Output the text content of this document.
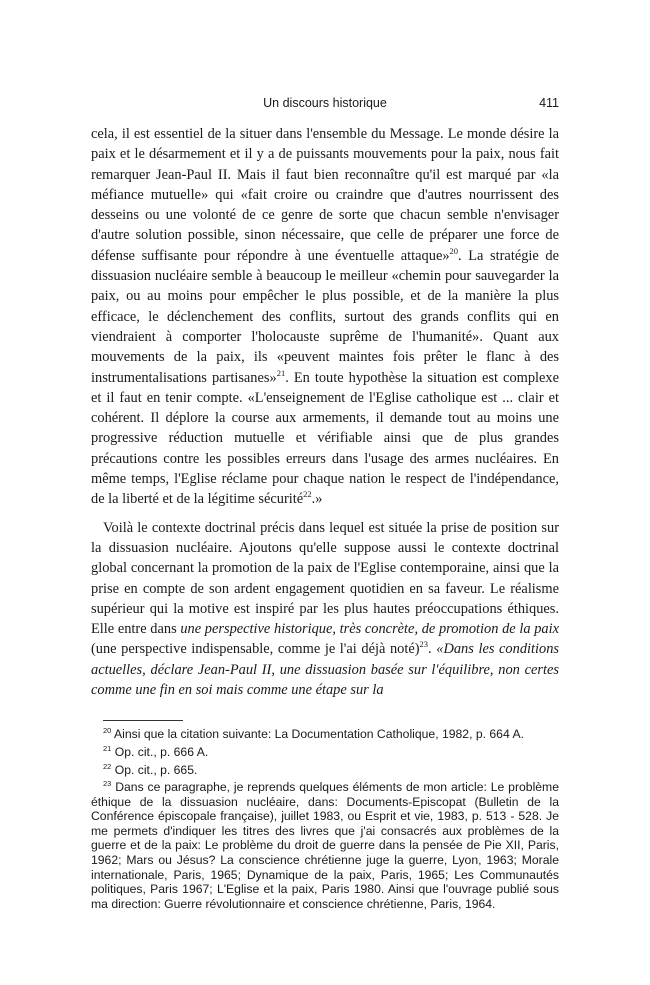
Un discours historique	411

cela, il est essentiel de la situer dans l'ensemble du Message. Le monde désire la paix et le désarmement et il y a de puissants mouvements pour la paix, nous fait remarquer Jean-Paul II. Mais il faut bien reconnaître qu'il est marqué par «la méfiance mutuelle» qui «fait croire ou craindre que d'autres nourrissent des desseins ou une volonté de ce genre de sorte que chacun semble n'envisager d'autre solution possible, sinon nécessaire, que celle de préparer une force de défense suffisante pour répondre à une éventuelle attaque»$^{20}$. La stratégie de dissuasion nucléaire semble à beaucoup le meilleur «chemin pour sauvegarder la paix, ou au moins pour empêcher le plus possible, et de la manière la plus efficace, le déclenchement des conflits, surtout des grands conflits qui en viendraient à comporter l'holocauste suprême de l'humanité». Quant aux mouvements de la paix, ils «peuvent maintes fois prêter le flanc à des instrumentalisations partisanes»$^{21}$. En toute hypothèse la situation est complexe et il faut en tenir compte. «L'enseignement de l'Eglise catholique est ... clair et cohérent. Il déplore la course aux armements, il demande tout au moins une progressive réduction mutuelle et vérifiable ainsi que de plus grandes précautions contre les possibles erreurs dans l'usage des armes nucléaires. En même temps, l'Eglise réclame pour chaque nation le respect de l'indépendance, de la liberté et de la légitime sécurité$^{22}$.»

Voilà le contexte doctrinal précis dans lequel est située la prise de position sur la dissuasion nucléaire. Ajoutons qu'elle suppose aussi le contexte doctrinal global concernant la promotion de la paix de l'Eglise contemporaine, ainsi que la prise en compte de son ardent engagement quotidien en sa faveur. Le réalisme supérieur qui la motive est inspiré par les plus hautes préoccupations éthiques. Elle entre dans une perspective historique, très concrète, de promotion de la paix (une perspective indispensable, comme je l'ai déjà noté)$^{23}$. «Dans les conditions actuelles, déclare Jean-Paul II, une dissuasion basée sur l'équilibre, non certes comme une fin en soi mais comme une étape sur la

$^{20}$ Ainsi que la citation suivante: La Documentation Catholique, 1982, p. 664 A.

$^{21}$ Op. cit., p. 666 A.

$^{22}$ Op. cit., p. 665.

$^{23}$ Dans ce paragraphe, je reprends quelques éléments de mon article: Le problème éthique de la dissuasion nucléaire, dans: Documents-Episcopat (Bulletin de la Conférence épiscopale française), juillet 1983, ou Esprit et vie, 1983, p. 513 - 528. Je me permets d'indiquer les titres des livres que j'ai consacrés aux problèmes de la guerre et de la paix: Le problème du droit de guerre dans la pensée de Pie XII, Paris, 1962; Mars ou Jésus? La conscience chrétienne juge la guerre, Lyon, 1963; Morale internationale, Paris, 1965; Dynamique de la paix, Paris, 1965; Les Communautés politiques, Paris 1967; L'Eglise et la paix, Paris 1980. Ainsi que l'ouvrage publié sous ma direction: Guerre révolutionnaire et conscience chrétienne, Paris, 1964.
